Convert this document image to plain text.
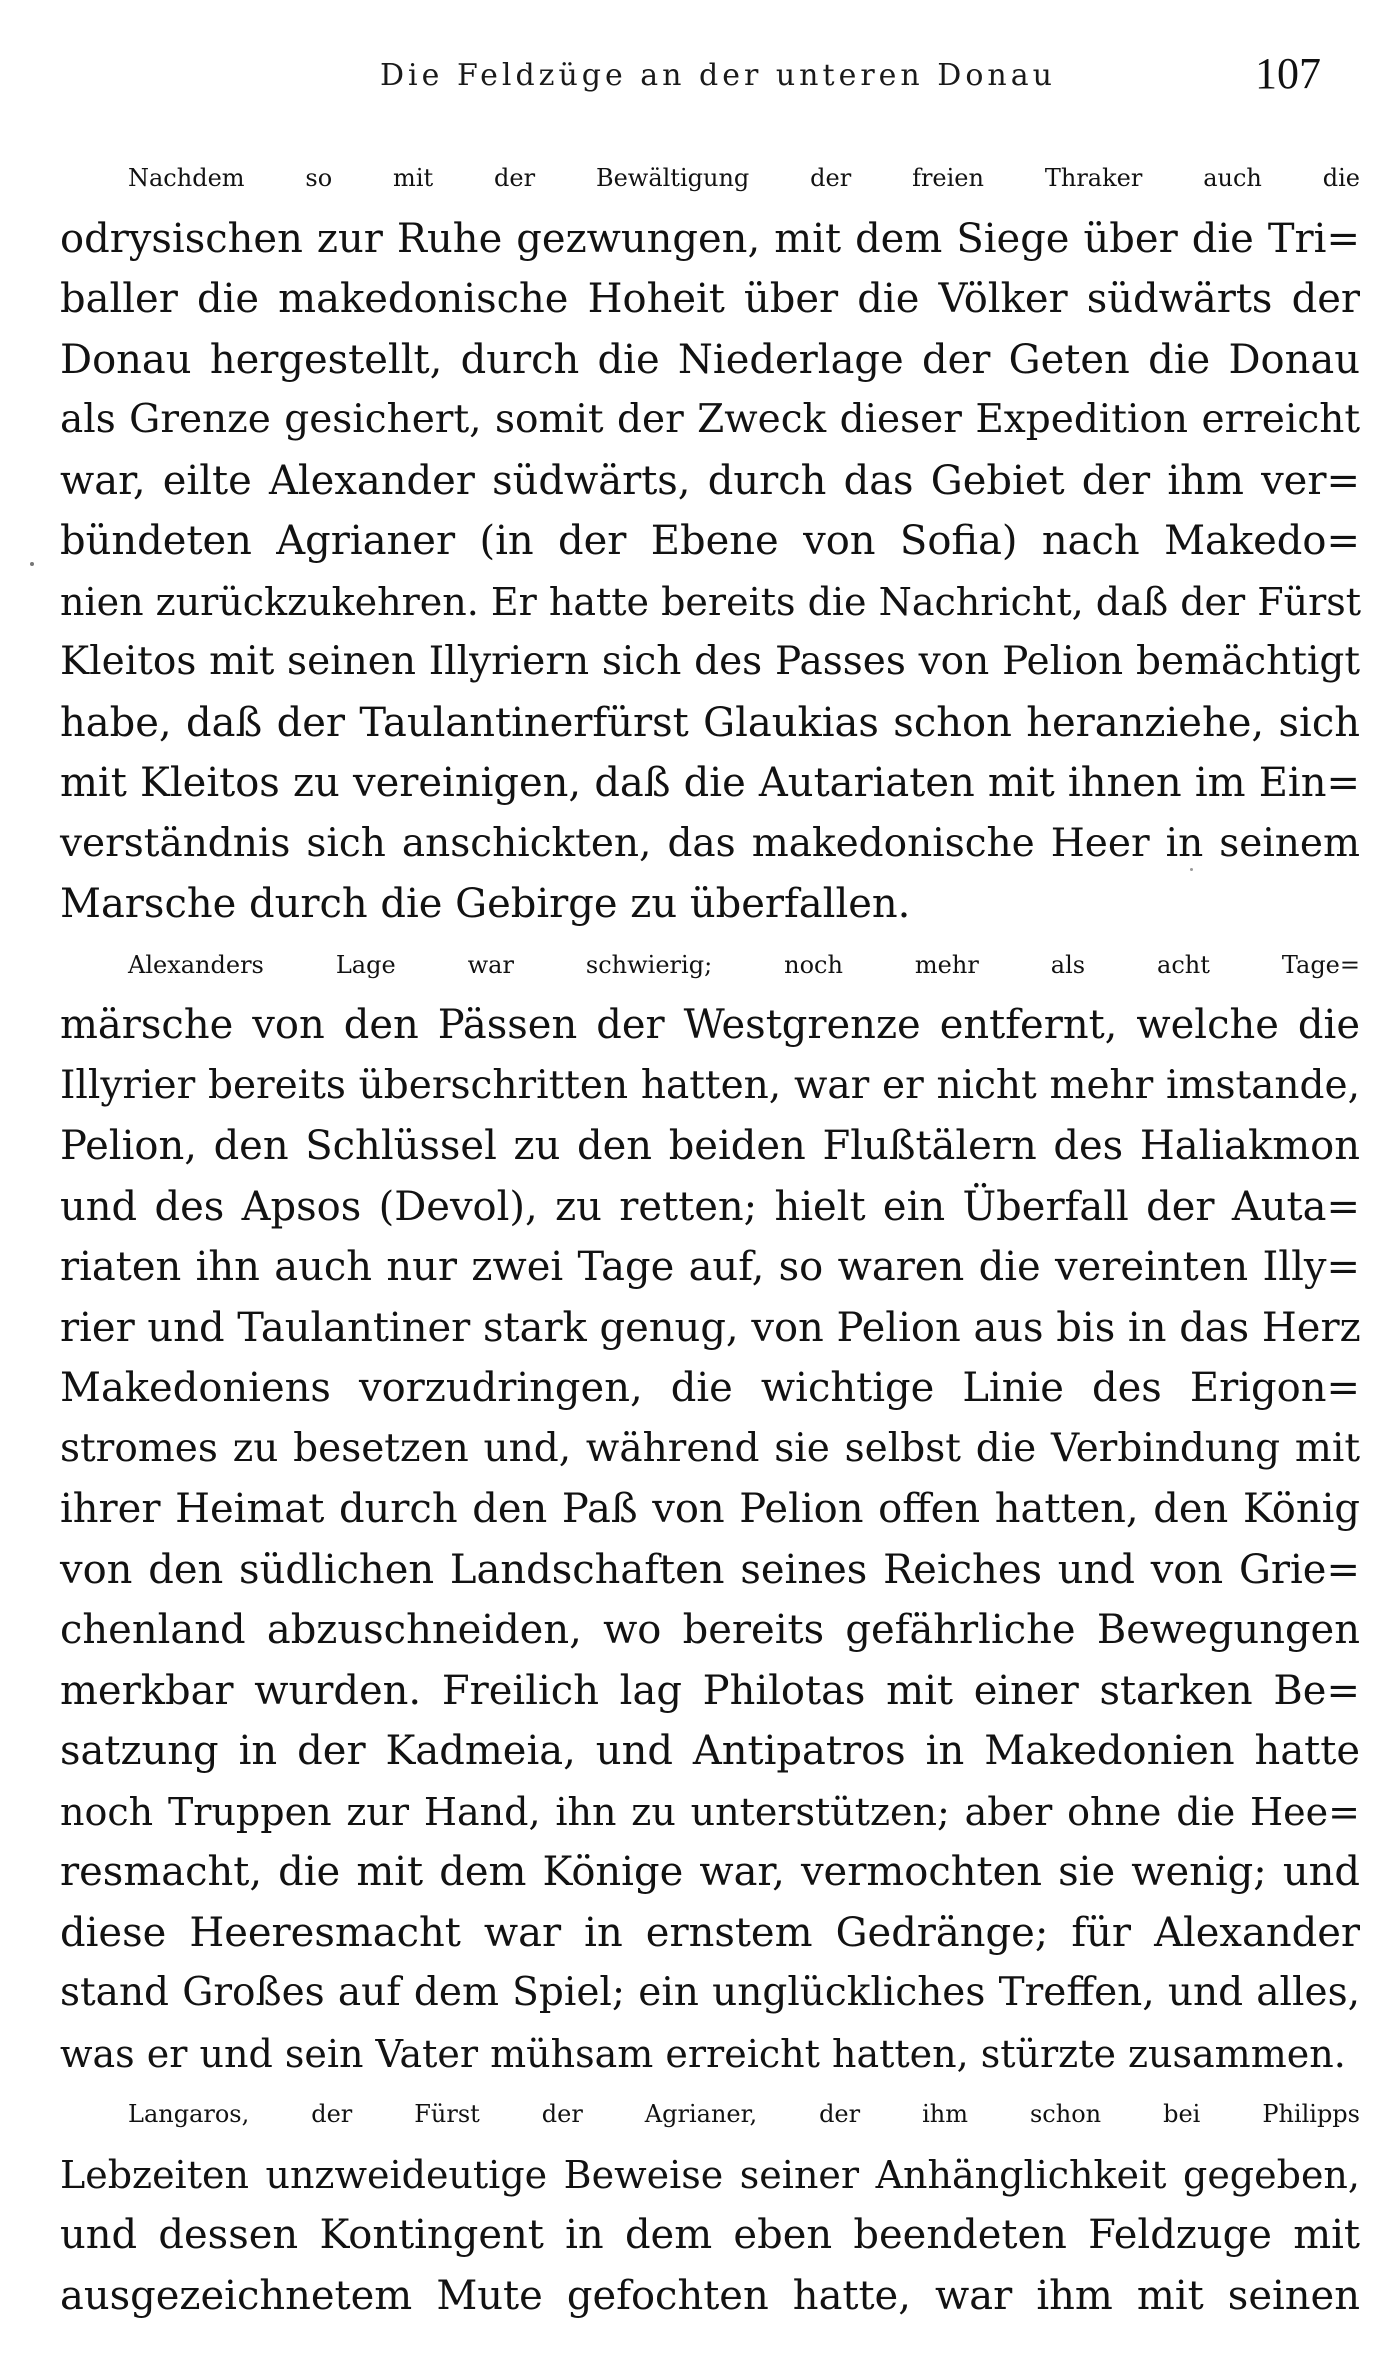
Die Feldzüge an der unteren Donau	107
Nachdem so mit der Bewältigung der freien Thraker auch die
odrysischen zur Ruhe gezwungen, mit dem Siege über die Tri=
baller die makedonische Hoheit über die Völker südwärts der
Donau hergestellt, durch die Niederlage der Geten die Donau
als Grenze gesichert, somit der Zweck dieser Expedition erreicht
war, eilte Alexander südwärts, durch das Gebiet der ihm ver=
bündeten Agrianer (in der Ebene von Sofia) nach Makedo=
nien zurückzukehren. Er hatte bereits die Nachricht, daß der Fürst
Kleitos mit seinen Illyriern sich des Passes von Pelion bemächtigt
habe, daß der Taulantinerfürst Glaukias schon heranziehe, sich
mit Kleitos zu vereinigen, daß die Autariaten mit ihnen im Ein=
verständnis sich anschickten, das makedonische Heer in seinem
Marsche durch die Gebirge zu überfallen.
Alexanders Lage war schwierig; noch mehr als acht Tage=
märsche von den Pässen der Westgrenze entfernt, welche die
Illyrier bereits überschritten hatten, war er nicht mehr imstande,
Pelion, den Schlüssel zu den beiden Flußtälern des Haliakmon
und des Apsos (Devol), zu retten; hielt ein Überfall der Auta=
riaten ihn auch nur zwei Tage auf, so waren die vereinten Illy=
rier und Taulantiner stark genug, von Pelion aus bis in das Herz
Makedoniens vorzudringen, die wichtige Linie des Erigon=
stromes zu besetzen und, während sie selbst die Verbindung mit
ihrer Heimat durch den Paß von Pelion offen hatten, den König
von den südlichen Landschaften seines Reiches und von Grie=
chenland abzuschneiden, wo bereits gefährliche Bewegungen
merkbar wurden. Freilich lag Philotas mit einer starken Be=
satzung in der Kadmeia, und Antipatros in Makedonien hatte
noch Truppen zur Hand, ihn zu unterstützen; aber ohne die Hee=
resmacht, die mit dem Könige war, vermochten sie wenig; und
diese Heeresmacht war in ernstem Gedränge; für Alexander
stand Großes auf dem Spiel; ein unglückliches Treffen, und alles,
was er und sein Vater mühsam erreicht hatten, stürzte zusammen.
Langaros, der Fürst der Agrianer, der ihm schon bei Philipps
Lebzeiten unzweideutige Beweise seiner Anhänglichkeit gegeben,
und dessen Kontingent in dem eben beendeten Feldzuge mit
ausgezeichnetem Mute gefochten hatte, war ihm mit seinen
